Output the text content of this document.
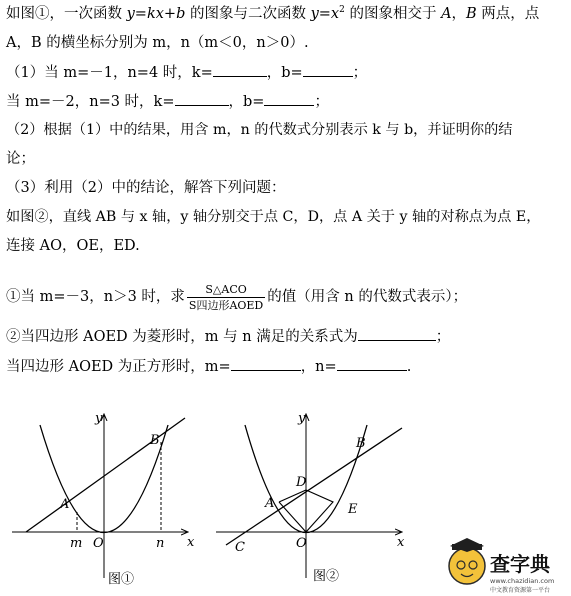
如图①，一次函数 y=kx+b 的图象与二次函数 $y=x^2$ 的图象相交于 A，B 两点，点
A，B 的横坐标分别为 m，n（m＜0，n＞0）.
（1）当 m=－1，n=4 时，k=	，b=	；
当 m=－2，n=3 时，k=	，b=	；
（2）根据（1）中的结果，用含 m，n 的代数式分别表示 k 与 b，并证明你的结
论；
（3）利用（2）中的结论，解答下列问题：
如图②，直线 AB 与 x 轴，y 轴分别交于点 C，D，点 A 关于 y 轴的对称点为点 E，
连接 AO，OE，ED.
①当 m=－3，n＞3 时，求 $\frac{\text{S△ACO}}{\text{S四边形AOED}}$ 的值（用含 n 的代数式表示）；
②当四边形 AOED 为菱形时，m 与 n 满足的关系式为	；
当四边形 AOED 为正方形时，m=	，n=	.
y
x
O
A
B
m	n
图①
y
x
O
A
B
C
D
E
图②
查字典
www.chazidian.com
中文教育资源第一平台
